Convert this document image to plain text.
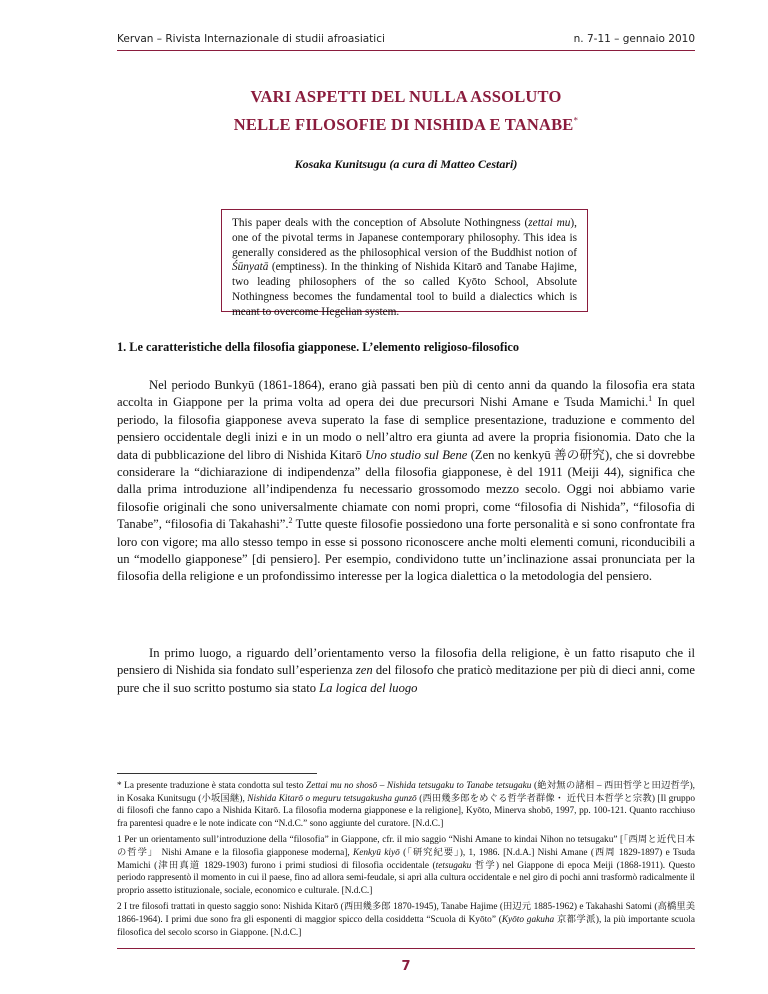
Kervan – Rivista Internazionale di studii afroasiatici	n. 7-11 – gennaio 2010
VARI ASPETTI DEL NULLA ASSOLUTO
NELLE FILOSOFIE DI NISHIDA E TANABE*
Kosaka Kunitsugu (a cura di Matteo Cestari)

This paper deals with the conception of Absolute Nothingness (zettai mu), one of the pivotal terms in Japanese contemporary philosophy. This idea is generally considered as the philosophical version of the Buddhist notion of Śūnyatā (emptiness). In the thinking of Nishida Kitarō and Tanabe Hajime, two leading philosophers of the so called Kyōto School, Absolute Nothingness becomes the fundamental tool to build a dialectics which is meant to overcome Hegelian system.

1. Le caratteristiche della filosofia giapponese. L’elemento religioso-filosofico

Nel periodo Bunkyū (1861-1864), erano già passati ben più di cento anni da quando la filosofia era stata accolta in Giappone per la prima volta ad opera dei due precursori Nishi Amane e Tsuda Mamichi.$^1$ In quel periodo, la filosofia giapponese aveva superato la fase di semplice presentazione, traduzione e commento del pensiero occidentale degli inizi e in un modo o nell’altro era giunta ad avere la propria fisionomia. Dato che la data di pubblicazione del libro di Nishida Kitarō Uno studio sul Bene (Zen no kenkyū 善の研究), che si dovrebbe considerare la “dichiarazione di indipendenza” della filosofia giapponese, è del 1911 (Meiji 44), significa che dalla prima introduzione all’indipendenza fu necessario grossomodo mezzo secolo. Oggi noi abbiamo varie filosofie originali che sono universalmente chiamate con nomi propri, come “filosofia di Nishida”, “filosofia di Tanabe”, “filosofia di Takahashi”.$^2$ Tutte queste filosofie possiedono una forte personalità e si sono confrontate fra loro con vigore; ma allo stesso tempo in esse si possono riconoscere anche molti elementi comuni, riconducibili a un “modello giapponese” [di pensiero]. Per esempio, condividono tutte un’inclinazione assai pronunciata per la filosofia della religione e un profondissimo interesse per la logica dialettica o la metodologia del pensiero.

In primo luogo, a riguardo dell’orientamento verso la filosofia della religione, è un fatto risaputo che il pensiero di Nishida sia fondato sull’esperienza zen del filosofo che praticò meditazione per più di dieci anni, come pure che il suo scritto postumo sia stato La logica del luogo

* La presente traduzione è stata condotta sul testo Zettai mu no shosō – Nishida tetsugaku to Tanabe tetsugaku (絶対無の諸相 – 西田哲学と田辺哲学), in Kosaka Kunitsugu (小坂国継), Nishida Kitarō o meguru tetsugakusha gunzō (西田幾多郎をめぐる哲学者群像・ 近代日本哲学と宗教) [Il gruppo di filosofi che fanno capo a Nishida Kitarō. La filosofia moderna giapponese e la religione], Kyōto, Minerva shobō, 1997, pp. 100-121. Quanto racchiuso fra parentesi quadre e le note indicate con “N.d.C.” sono aggiunte del curatore. [N.d.C.]

1 Per un orientamento sull’introduzione della “filosofia” in Giappone, cfr. il mio saggio “Nishi Amane to kindai Nihon no tetsugaku” [「西周と近代日本の哲学」 Nishi Amane e la filosofia giapponese moderna], Kenkyū kiyō (「研究紀要」), 1, 1986. [N.d.A.] Nishi Amane (西周 1829-1897) e Tsuda Mamichi (津田真道 1829-1903) furono i primi studiosi di filosofia occidentale (tetsugaku 哲学) nel Giappone di epoca Meiji (1868-1911). Questo periodo rappresentò il momento in cui il paese, fino ad allora semi-feudale, si aprì alla cultura occidentale e nel giro di pochi anni trasformò radicalmente il proprio assetto istituzionale, sociale, economico e culturale. [N.d.C.]

2 I tre filosofi trattati in questo saggio sono: Nishida Kitarō (西田幾多郎 1870-1945), Tanabe Hajime (田辺元 1885-1962) e Takahashi Satomi (高橋里美 1866-1964). I primi due sono fra gli esponenti di maggior spicco della cosiddetta “Scuola di Kyōto” (Kyōto gakuha 京都学派), la più importante scuola filosofica del secolo scorso in Giappone. [N.d.C.]

7
